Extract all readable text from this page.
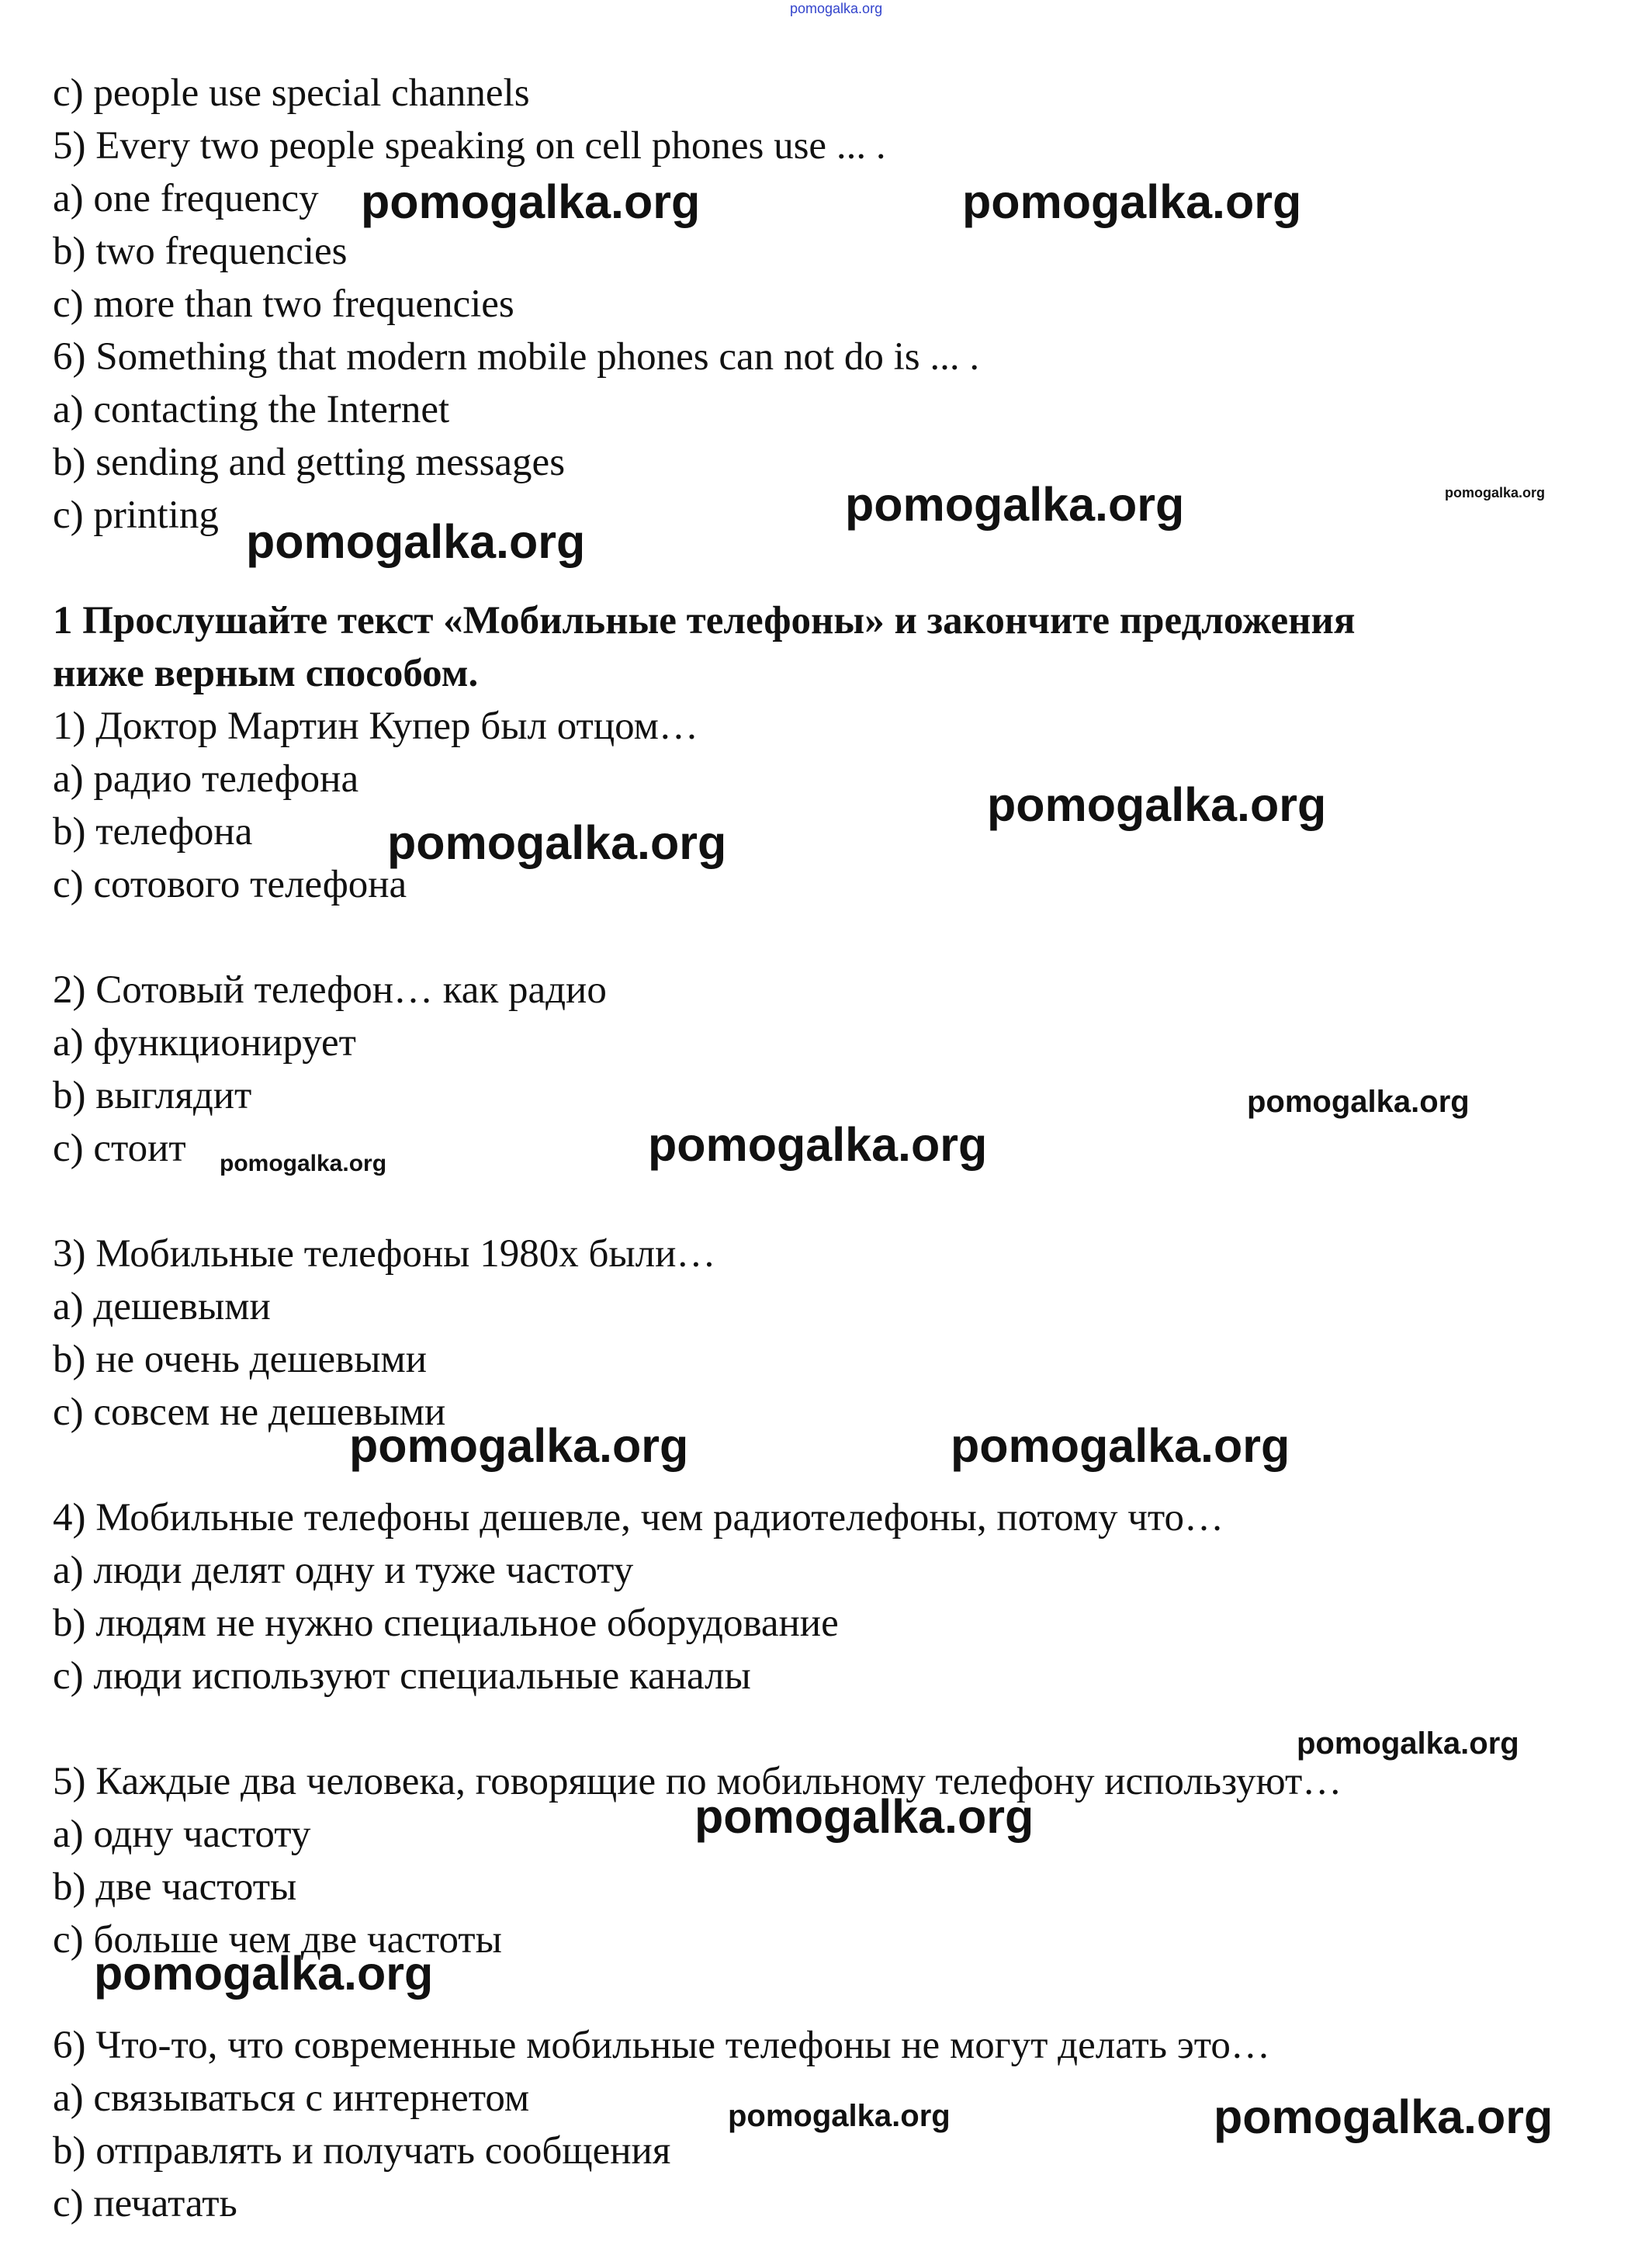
pomogalka.org
c) people use special channels
5) Every two people speaking on cell phones use ... .
a) one frequency
b) two frequencies
c) more than two frequencies
6) Something that modern mobile phones can not do is ... .
a) contacting the Internet
b) sending and getting messages
c) printing
1 Прослушайте текст «Мобильные телефоны» и закончите предложения
ниже верным способом.
1) Доктор Мартин Купер был отцом…
a) радио телефона
b) телефона
c) сотового телефона
2) Сотовый телефон… как радио
a) функционирует
b) выглядит
c) стоит
3) Мобильные телефоны 1980х были…
a) дешевыми
b) не очень дешевыми
c) совсем не дешевыми
4) Мобильные телефоны дешевле, чем радиотелефоны, потому что…
a) люди делят одну и туже частоту
b) людям не нужно специальное оборудование
c) люди используют специальные каналы
5) Каждые два человека, говорящие по мобильному телефону используют…
a) одну частоту
b) две частоты
c) больше чем две частоты
6) Что-то, что современные мобильные телефоны не могут делать это…
a) связываться с интернетом
b) отправлять и получать сообщения
c) печатать
pomogalka.org	pomogalka.org
pomogalka.org
pomogalka.org
pomogalka.org
pomogalka.org
pomogalka.org
pomogalka.org
pomogalka.org	pomogalka.org
pomogalka.org	pomogalka.org
pomogalka.org
pomogalka.org
pomogalka.org
pomogalka.org	pomogalka.org
